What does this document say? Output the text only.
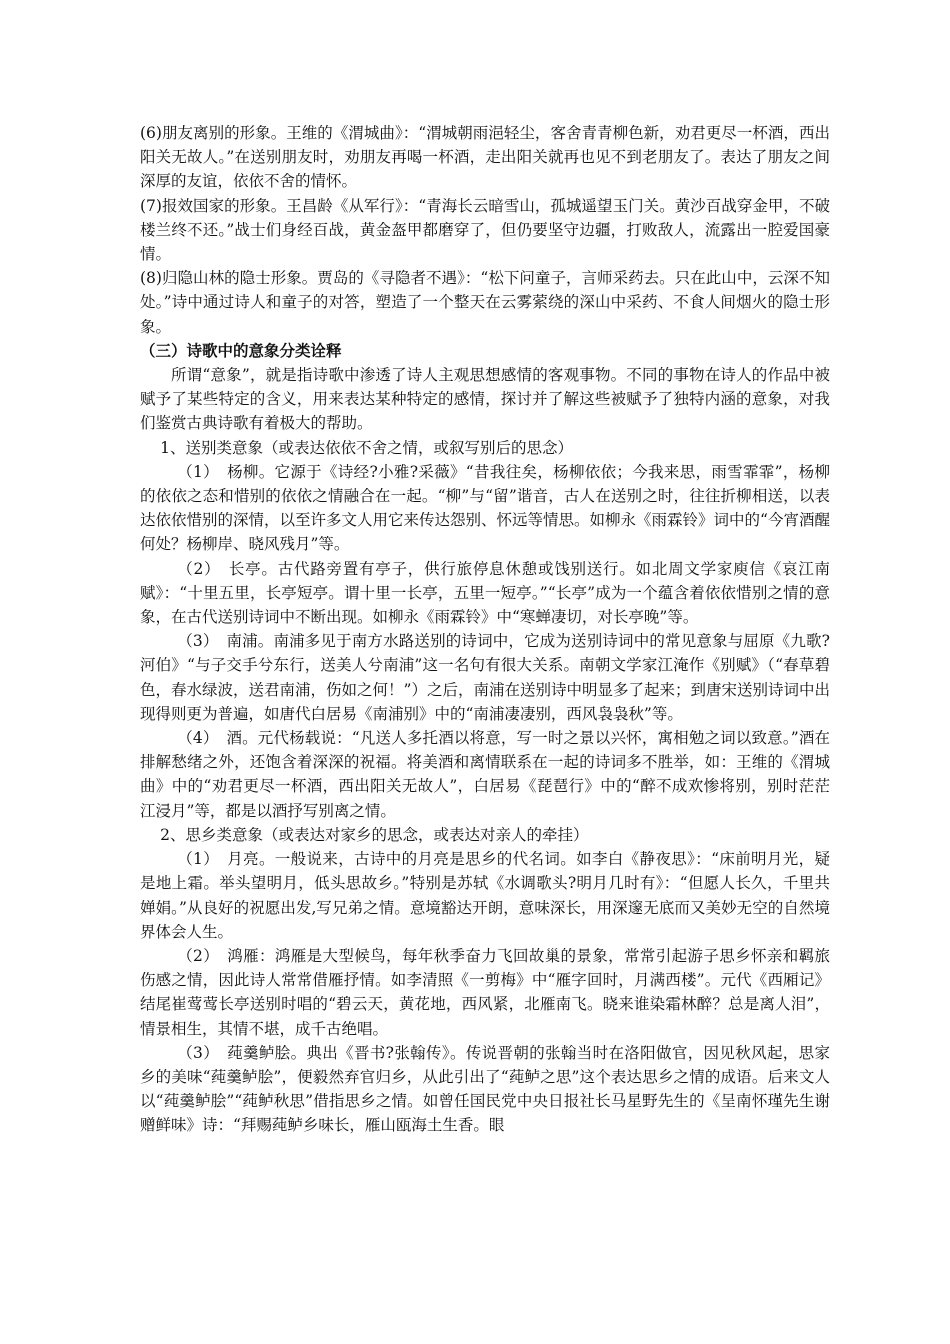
(6)朋友离别的形象。王维的《渭城曲》：“渭城朝雨浥轻尘，客舍青青柳色新，劝君更尽一杯酒，西出阳关无故人。”在送别朋友时，劝朋友再喝一杯酒，走出阳关就再也见不到老朋友了。表达了朋友之间深厚的友谊，依依不舍的情怀。

(7)报效国家的形象。王昌龄《从军行》：“青海长云暗雪山，孤城遥望玉门关。黄沙百战穿金甲，不破楼兰终不还。”战士们身经百战，黄金盔甲都磨穿了，但仍要坚守边疆，打败敌人，流露出一腔爱国豪情。

(8)归隐山林的隐士形象。贾岛的《寻隐者不遇》：“松下问童子，言师采药去。只在此山中，云深不知处。”诗中通过诗人和童子的对答，塑造了一个整天在云雾萦绕的深山中采药、不食人间烟火的隐士形象。

（三）诗歌中的意象分类诠释

所谓“意象”，就是指诗歌中渗透了诗人主观思想感情的客观事物。不同的事物在诗人的作品中被赋予了某些特定的含义，用来表达某种特定的感情，探讨并了解这些被赋予了独特内涵的意象，对我们鉴赏古典诗歌有着极大的帮助。

1、送别类意象（或表达依依不舍之情，或叙写别后的思念）

（1）　杨柳。它源于《诗经?小雅?采薇》“昔我往矣，杨柳依依；今我来思，雨雪霏霏”，杨柳的依依之态和惜别的依依之情融合在一起。“柳”与“留”谐音，古人在送别之时，往往折柳相送，以表达依依惜别的深情，以至许多文人用它来传达怨别、怀远等情思。如柳永《雨霖铃》词中的“今宵酒醒何处？杨柳岸、晓风残月”等。

（2）　长亭。古代路旁置有亭子，供行旅停息休憩或饯别送行。如北周文学家庾信《哀江南赋》：“十里五里，长亭短亭。谓十里一长亭，五里一短亭。”“长亭”成为一个蕴含着依依惜别之情的意象，在古代送别诗词中不断出现。如柳永《雨霖铃》中“寒蝉凄切，对长亭晚”等。

（3）　南浦。南浦多见于南方水路送别的诗词中，它成为送别诗词中的常见意象与屈原《九歌?河伯》“与子交手兮东行，送美人兮南浦”这一名句有很大关系。南朝文学家江淹作《别赋》（“春草碧色，春水绿波，送君南浦，伤如之何！”）之后，南浦在送别诗中明显多了起来；到唐宋送别诗词中出现得则更为普遍，如唐代白居易《南浦别》中的“南浦凄凄别，西风袅袅秋”等。

（4）　酒。元代杨载说：“凡送人多托酒以将意，写一时之景以兴怀，寓相勉之词以致意。”酒在排解愁绪之外，还饱含着深深的祝福。将美酒和离情联系在一起的诗词多不胜举，如：王维的《渭城曲》中的“劝君更尽一杯酒，西出阳关无故人”，白居易《琵琶行》中的“醉不成欢惨将别，别时茫茫江浸月”等，都是以酒抒写别离之情。

2、思乡类意象（或表达对家乡的思念，或表达对亲人的牵挂）

（1）　月亮。一般说来，古诗中的月亮是思乡的代名词。如李白《静夜思》：“床前明月光，疑是地上霜。举头望明月，低头思故乡。”特别是苏轼《水调歌头?明月几时有》：“但愿人长久，千里共婵娟。”从良好的祝愿出发,写兄弟之情。意境豁达开朗，意味深长，用深邃无底而又美妙无空的自然境界体会人生。

（2）　鸿雁：鸿雁是大型候鸟，每年秋季奋力飞回故巢的景象，常常引起游子思乡怀亲和羁旅伤感之情，因此诗人常常借雁抒情。如李清照《一剪梅》中“雁字回时，月满西楼”。元代《西厢记》结尾崔莺莺长亭送别时唱的“碧云天，黄花地，西风紧，北雁南飞。晓来谁染霜林醉？总是离人泪”，情景相生，其情不堪，成千古绝唱。

（3）　莼羹鲈脍。典出《晋书?张翰传》。传说晋朝的张翰当时在洛阳做官，因见秋风起，思家乡的美味“莼羹鲈脍”，便毅然弃官归乡，从此引出了“莼鲈之思”这个表达思乡之情的成语。后来文人以“莼羹鲈脍”“莼鲈秋思”借指思乡之情。如曾任国民党中央日报社长马星野先生的《呈南怀瑾先生谢赠鲜味》诗：“拜赐莼鲈乡味长，雁山瓯海土生香。眼
